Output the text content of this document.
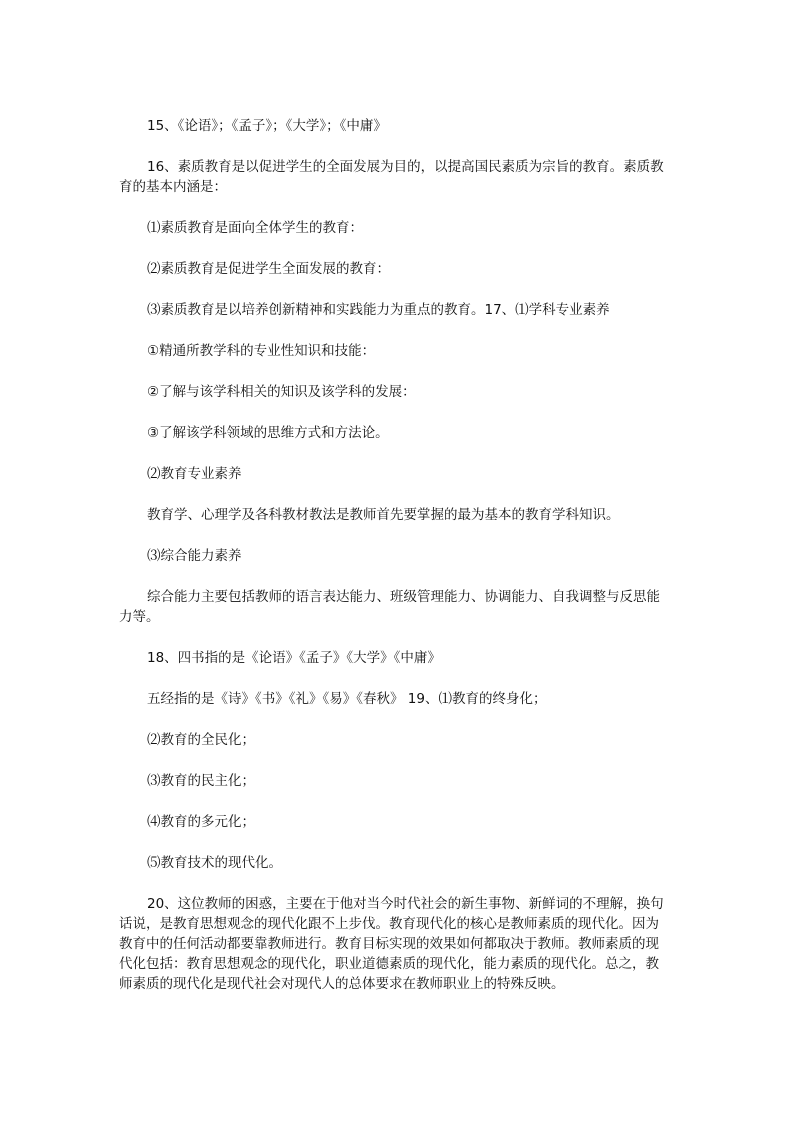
15、《论语》；《孟子》；《大学》；《中庸》

16、素质教育是以促进学生的全面发展为目的，以提高国民素质为宗旨的教育。素质教育的基本内涵是：

⑴素质教育是面向全体学生的教育：

⑵素质教育是促进学生全面发展的教育：

⑶素质教育是以培养创新精神和实践能力为重点的教育。17、⑴学科专业素养

①精通所教学科的专业性知识和技能：

②了解与该学科相关的知识及该学科的发展：

③了解该学科领域的思维方式和方法论。

⑵教育专业素养

教育学、心理学及各科教材教法是教师首先要掌握的最为基本的教育学科知识。

⑶综合能力素养

综合能力主要包括教师的语言表达能力、班级管理能力、协调能力、自我调整与反思能力等。

18、四书指的是《论语》《孟子》《大学》《中庸》

五经指的是《诗》《书》《礼》《易》《春秋》 19、⑴教育的终身化；

⑵教育的全民化；

⑶教育的民主化；

⑷教育的多元化；

⑸教育技术的现代化。

20、这位教师的困惑，主要在于他对当今时代社会的新生事物、新鲜词的不理解，换句话说，是教育思想观念的现代化跟不上步伐。教育现代化的核心是教师素质的现代化。因为教育中的任何活动都要靠教师进行。教育目标实现的效果如何都取决于教师。教师素质的现代化包括：教育思想观念的现代化，职业道德素质的现代化，能力素质的现代化。总之，教师素质的现代化是现代社会对现代人的总体要求在教师职业上的特殊反映。
